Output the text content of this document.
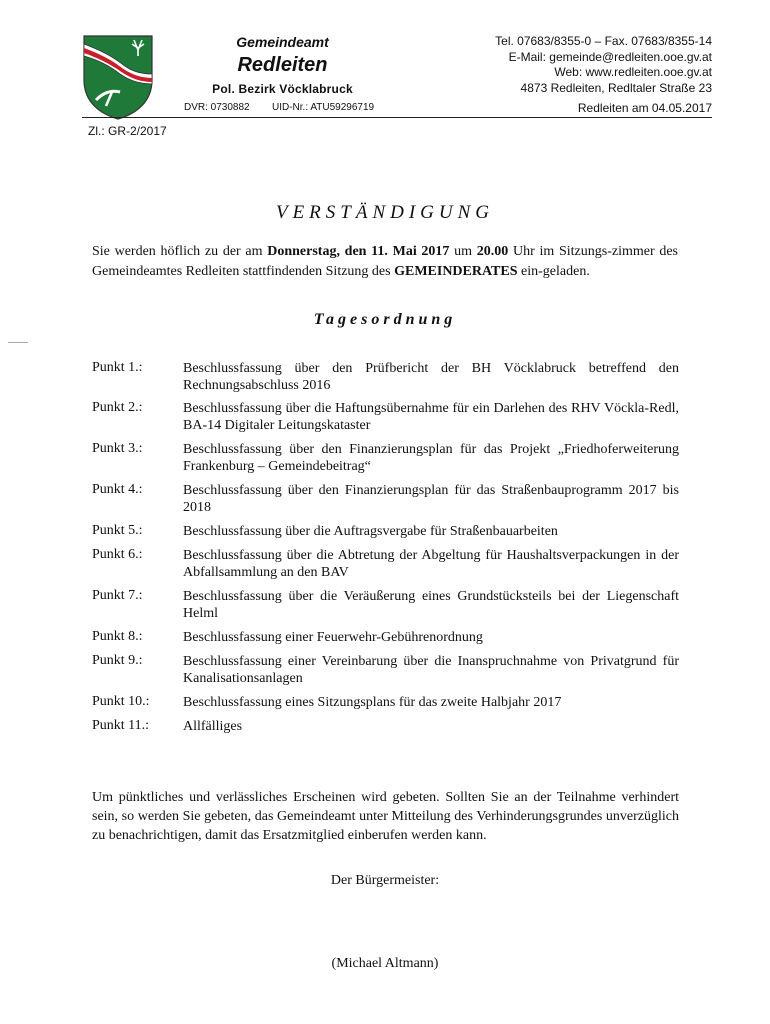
Gemeindeamt
Redleiten
Pol. Bezirk Vöcklabruck
DVR: 0730882 UID-Nr.: ATU59296719
Tel. 07683/8355-0 – Fax. 07683/8355-14
E-Mail: gemeinde@redleiten.ooe.gv.at
Web: www.redleiten.ooe.gv.at
4873 Redleiten, Redltaler Straße 23
Redleiten am 04.05.2017
Zl.: GR-2/2017
VERSTÄNDIGUNG
Sie werden höflich zu der am Donnerstag, den 11. Mai 2017 um 20.00 Uhr im Sitzungs-zimmer des Gemeindeamtes Redleiten stattfindenden Sitzung des GEMEINDERATES ein-geladen.
Tagesordnung
Punkt 1.:	Beschlussfassung über den Prüfbericht der BH Vöcklabruck betreffend den Rechnungsabschluss 2016
Punkt 2.:	Beschlussfassung über die Haftungsübernahme für ein Darlehen des RHV Vöckla-Redl, BA-14 Digitaler Leitungskataster
Punkt 3.:	Beschlussfassung über den Finanzierungsplan für das Projekt „Friedhoferweiterung Frankenburg – Gemeindebeitrag“
Punkt 4.:	Beschlussfassung über den Finanzierungsplan für das Straßenbauprogramm 2017 bis 2018
Punkt 5.:	Beschlussfassung über die Auftragsvergabe für Straßenbauarbeiten
Punkt 6.:	Beschlussfassung über die Abtretung der Abgeltung für Haushaltsverpackungen in der Abfallsammlung an den BAV
Punkt 7.:	Beschlussfassung über die Veräußerung eines Grundstücksteils bei der Liegenschaft Helml
Punkt 8.:	Beschlussfassung einer Feuerwehr-Gebührenordnung
Punkt 9.:	Beschlussfassung einer Vereinbarung über die Inanspruchnahme von Privatgrund für Kanalisationsanlagen
Punkt 10.: Beschlussfassung eines Sitzungsplans für das zweite Halbjahr 2017
Punkt 11.: Allfälliges
Um pünktliches und verlässliches Erscheinen wird gebeten. Sollten Sie an der Teilnahme verhindert sein, so werden Sie gebeten, das Gemeindeamt unter Mitteilung des Verhinderungsgrundes unverzüglich zu benachrichtigen, damit das Ersatzmitglied einberufen werden kann.
Der Bürgermeister:
(Michael Altmann)
